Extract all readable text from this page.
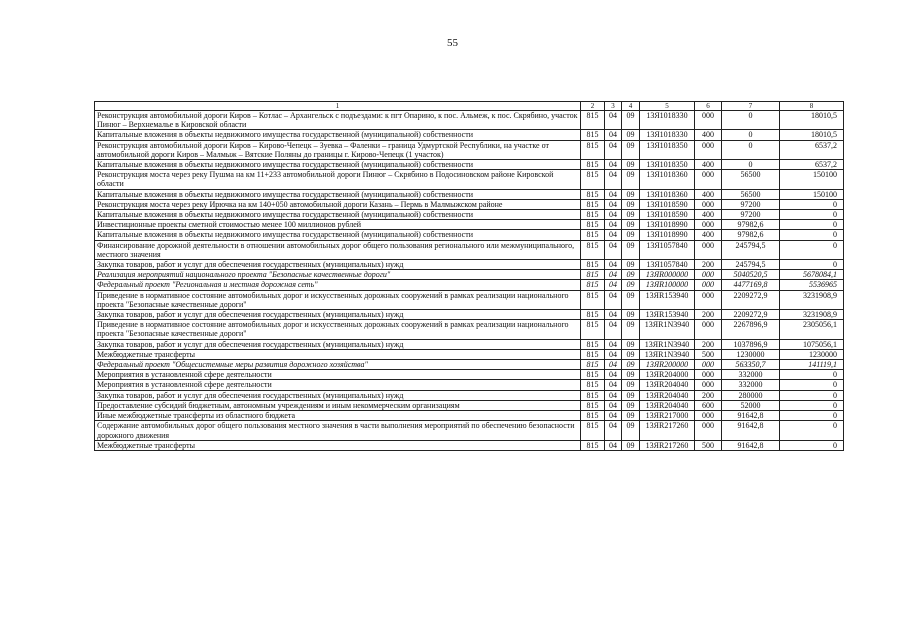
55
1	2	3	4	5	6	7	8
Реконструкция автомобильной дороги Киров – Котлас – Архангельск с подъездами: к пгт Опарино, к пос. Альмеж, к пос. Скрябино, участок Пинюг – Верхнемалье в Кировской области	815	04	09	13Я1018330	000	0	18010,5
Капитальные вложения в объекты недвижимого имущества государственной (муниципальной) собственности	815	04	09	13Я1018330	400	0	18010,5
Реконструкция автомобильной дороги Киров – Кирово-Чепецк – Зуевка – Фаленки – граница Удмуртской Республики, на участке от автомобильной дороги Киров – Малмыж – Вятские Поляны до границы г. Кирово-Чепецк (1 участок)	815	04	09	13Я1018350	000	0	6537,2
Капитальные вложения в объекты недвижимого имущества государственной (муниципальной) собственности	815	04	09	13Я1018350	400	0	6537,2
Реконструкция моста через реку Пушма на км 11+233 автомобильной дороги Пинюг – Скрябино в Подосиновском районе Кировской области	815	04	09	13Я1018360	000	56500	150100
Капитальные вложения в объекты недвижимого имущества государственной (муниципальной) собственности	815	04	09	13Я1018360	400	56500	150100
Реконструкция моста через реку Ирючка на км 140+050 автомобильной дороги Казань – Пермь в Малмыжском районе	815	04	09	13Я1018590	000	97200	0
Капитальные вложения в объекты недвижимого имущества государственной (муниципальной) собственности	815	04	09	13Я1018590	400	97200	0
Инвестиционные проекты сметной стоимостью менее 100 миллионов рублей	815	04	09	13Я1018990	000	97982,6	0
Капитальные вложения в объекты недвижимого имущества государственной (муниципальной) собственности	815	04	09	13Я1018990	400	97982,6	0
Финансирование дорожной деятельности в отношении автомобильных дорог общего пользования регионального или межмуниципального, местного значения	815	04	09	13Я1057840	000	245794,5	0
Закупка товаров, работ и услуг для обеспечения государственных (муниципальных) нужд	815	04	09	13Я1057840	200	245794,5	0
Реализация мероприятий национального проекта "Безопасные качественные дороги"	815	04	09	13ЯR000000	000	5040520,5	5678084,1
Федеральный проект "Региональная и местная дорожная сеть"	815	04	09	13ЯR100000	000	4477169,8	5536965
Приведение в нормативное состояние автомобильных дорог и искусственных дорожных сооружений в рамках реализации национального проекта "Безопасные качественные дороги"	815	04	09	13ЯR153940	000	2209272,9	3231908,9
Закупка товаров, работ и услуг для обеспечения государственных (муниципальных) нужд	815	04	09	13ЯR153940	200	2209272,9	3231908,9
Приведение в нормативное состояние автомобильных дорог и искусственных дорожных сооружений в рамках реализации национального проекта "Безопасные качественные дороги"	815	04	09	13ЯR1N3940	000	2267896,9	2305056,1
Закупка товаров, работ и услуг для обеспечения государственных (муниципальных) нужд	815	04	09	13ЯR1N3940	200	1037896,9	1075056,1
Межбюджетные трансферты	815	04	09	13ЯR1N3940	500	1230000	1230000
Федеральный проект "Общесистемные меры развития дорожного хозяйства"	815	04	09	13ЯR200000	000	563350,7	141119,1
Мероприятия в установленной сфере деятельности	815	04	09	13ЯR204000	000	332000	0
Мероприятия в установленной сфере деятельности	815	04	09	13ЯR204040	000	332000	0
Закупка товаров, работ и услуг для обеспечения государственных (муниципальных) нужд	815	04	09	13ЯR204040	200	280000	0
Предоставление субсидий бюджетным, автономным учреждениям и иным некоммерческим организациям	815	04	09	13ЯR204040	600	52000	0
Иные межбюджетные трансферты из областного бюджета	815	04	09	13ЯR217000	000	91642,8	0
Содержание автомобильных дорог общего пользования местного значения в части выполнения мероприятий по обеспечению безопасности дорожного движения	815	04	09	13ЯR217260	000	91642,8	0
Межбюджетные трансферты	815	04	09	13ЯR217260	500	91642,8	0
